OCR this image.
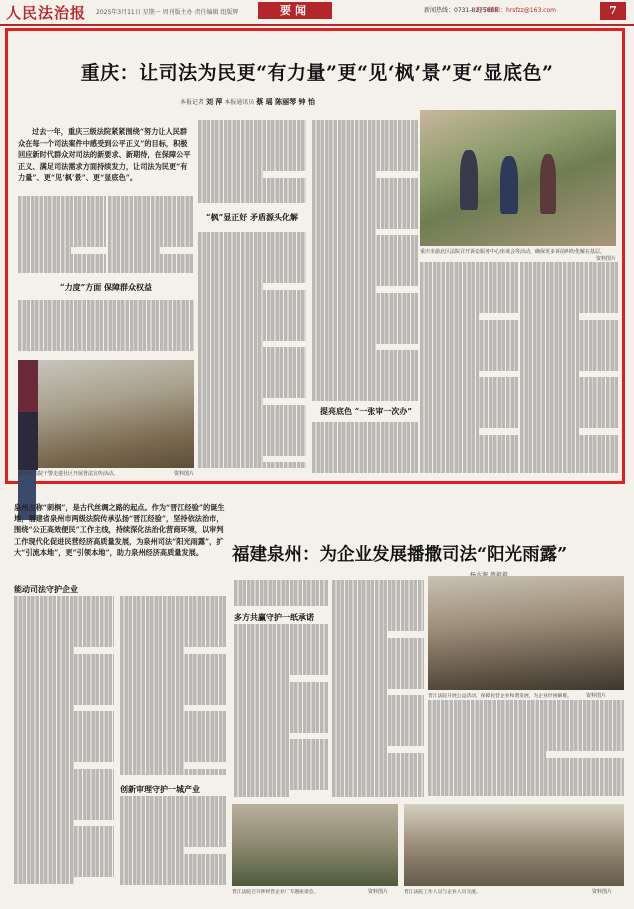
人民法治报 2025年3月11日 星期一 周刊版主办 责任编辑 组版辉	要闻	新闻热线：0731-8275888
电子邮箱：hrsfzz@163.com	7
重庆：让司法为民更“有力量”更“见‘枫’景”更“显底色”
本报记者 刘 萍 本报通讯员 蔡 瑶 陈丽琴 钟 怡
过去一年，重庆三级法院紧紧围绕“努力让人民群众在每一个司法案件中感受到公平正义”的目标，积极回应新时代群众对司法的新要求、新期待，在保障公平正义、满足司法需求方面持续发力，让司法为民更“有力量”、更“见‘枫’景”、更“显底色”。
“力度”方面 保障群众权益
“枫”显正好 矛盾源头化解
提亮底色 “一张审一次办”
重庆市渝北区法院召开诉讼服务中心座谈会等活动，确保更多诉前纠纷化解在基层。
资料图片
渝中区法院干警走进社区开展普法宣传活动。	资料图片
泉州古称“刺桐”，是古代丝绸之路的起点。作为“晋江经验”的诞生地，福建省泉州市两级法院传承弘扬“晋江经验”，坚持依法治市，围绕“公正高效便民”工作主线，持续深化法治化营商环境，以审判工作现代化促进民营经济高质量发展，为泉州司法“阳光雨露”，扩大“引流本地”，更“引领本地”，助力泉州经济高质量发展。	福建泉州：为企业发展播撒司法“阳光雨露”
能动司法守护企业
多方共赢守护一纸承诺
创新审理守护一城产业
晋江法院开展公益活动，保障民营企业和谐发展，为企业纾困解难。	资料图片
晋江法院召开涉经营企业厂专题座谈会。	资料图片	晋江法院工作人员与企业人员交流。	资料图片
